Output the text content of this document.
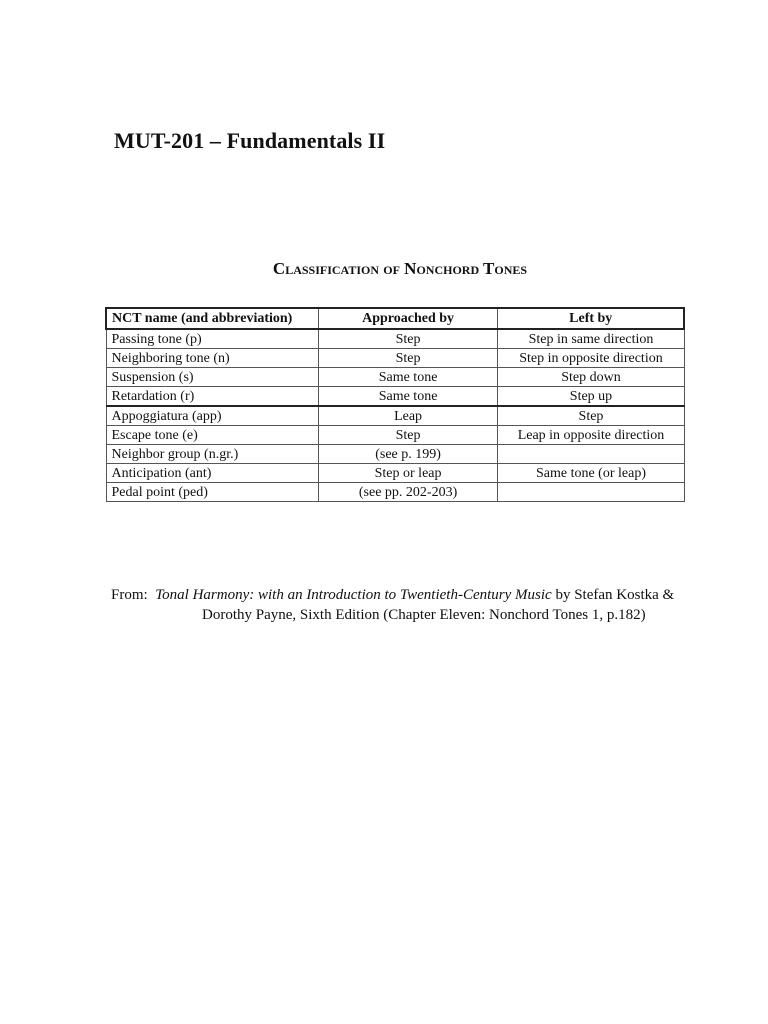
MUT-201 – Fundamentals II
Classification of Nonchord Tones
NCT name (and abbreviation)	Approached by	Left by
Passing tone (p)	Step	Step in same direction
Neighboring tone (n)	Step	Step in opposite direction
Suspension (s)	Same tone	Step down
Retardation (r)	Same tone	Step up
Appoggiatura (app)	Leap	Step
Escape tone (e)	Step	Leap in opposite direction
Neighbor group (n.gr.)	(see p. 199)	
Anticipation (ant)	Step or leap	Same tone (or leap)
Pedal point (ped)	(see pp. 202-203)	
From: Tonal Harmony: with an Introduction to Twentieth-Century Music by Stefan Kostka &
Dorothy Payne, Sixth Edition (Chapter Eleven: Nonchord Tones 1, p.182)
